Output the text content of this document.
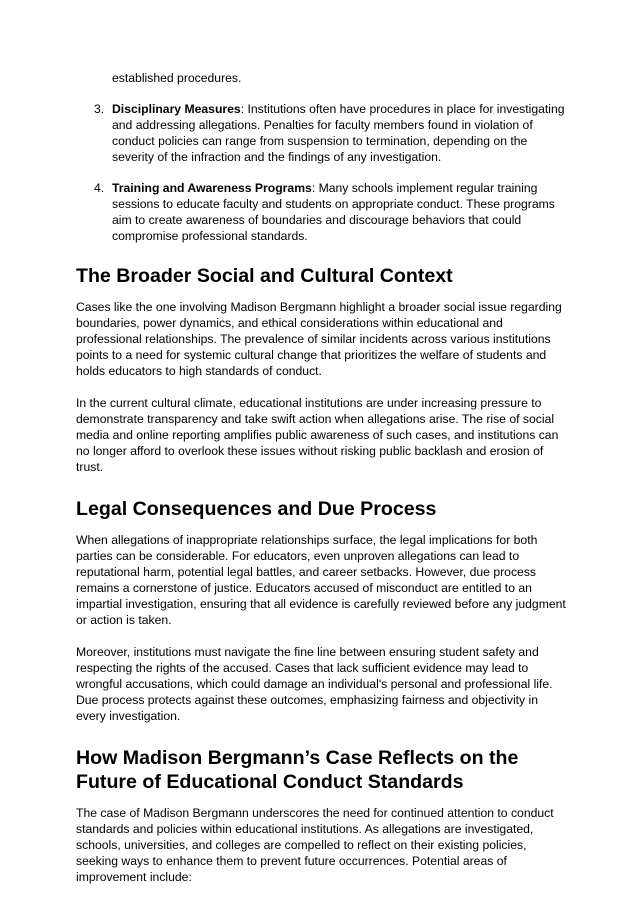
established procedures.
3. Disciplinary Measures: Institutions often have procedures in place for investigating and addressing allegations. Penalties for faculty members found in violation of conduct policies can range from suspension to termination, depending on the severity of the infraction and the findings of any investigation.
4. Training and Awareness Programs: Many schools implement regular training sessions to educate faculty and students on appropriate conduct. These programs aim to create awareness of boundaries and discourage behaviors that could compromise professional standards.
The Broader Social and Cultural Context

Cases like the one involving Madison Bergmann highlight a broader social issue regarding boundaries, power dynamics, and ethical considerations within educational and professional relationships. The prevalence of similar incidents across various institutions points to a need for systemic cultural change that prioritizes the welfare of students and holds educators to high standards of conduct.

In the current cultural climate, educational institutions are under increasing pressure to demonstrate transparency and take swift action when allegations arise. The rise of social media and online reporting amplifies public awareness of such cases, and institutions can no longer afford to overlook these issues without risking public backlash and erosion of trust.

Legal Consequences and Due Process

When allegations of inappropriate relationships surface, the legal implications for both parties can be considerable. For educators, even unproven allegations can lead to reputational harm, potential legal battles, and career setbacks. However, due process remains a cornerstone of justice. Educators accused of misconduct are entitled to an impartial investigation, ensuring that all evidence is carefully reviewed before any judgment or action is taken.

Moreover, institutions must navigate the fine line between ensuring student safety and respecting the rights of the accused. Cases that lack sufficient evidence may lead to wrongful accusations, which could damage an individual's personal and professional life. Due process protects against these outcomes, emphasizing fairness and objectivity in every investigation.

How Madison Bergmann’s Case Reflects on the Future of Educational Conduct Standards

The case of Madison Bergmann underscores the need for continued attention to conduct standards and policies within educational institutions. As allegations are investigated, schools, universities, and colleges are compelled to reflect on their existing policies, seeking ways to enhance them to prevent future occurrences. Potential areas of improvement include:
